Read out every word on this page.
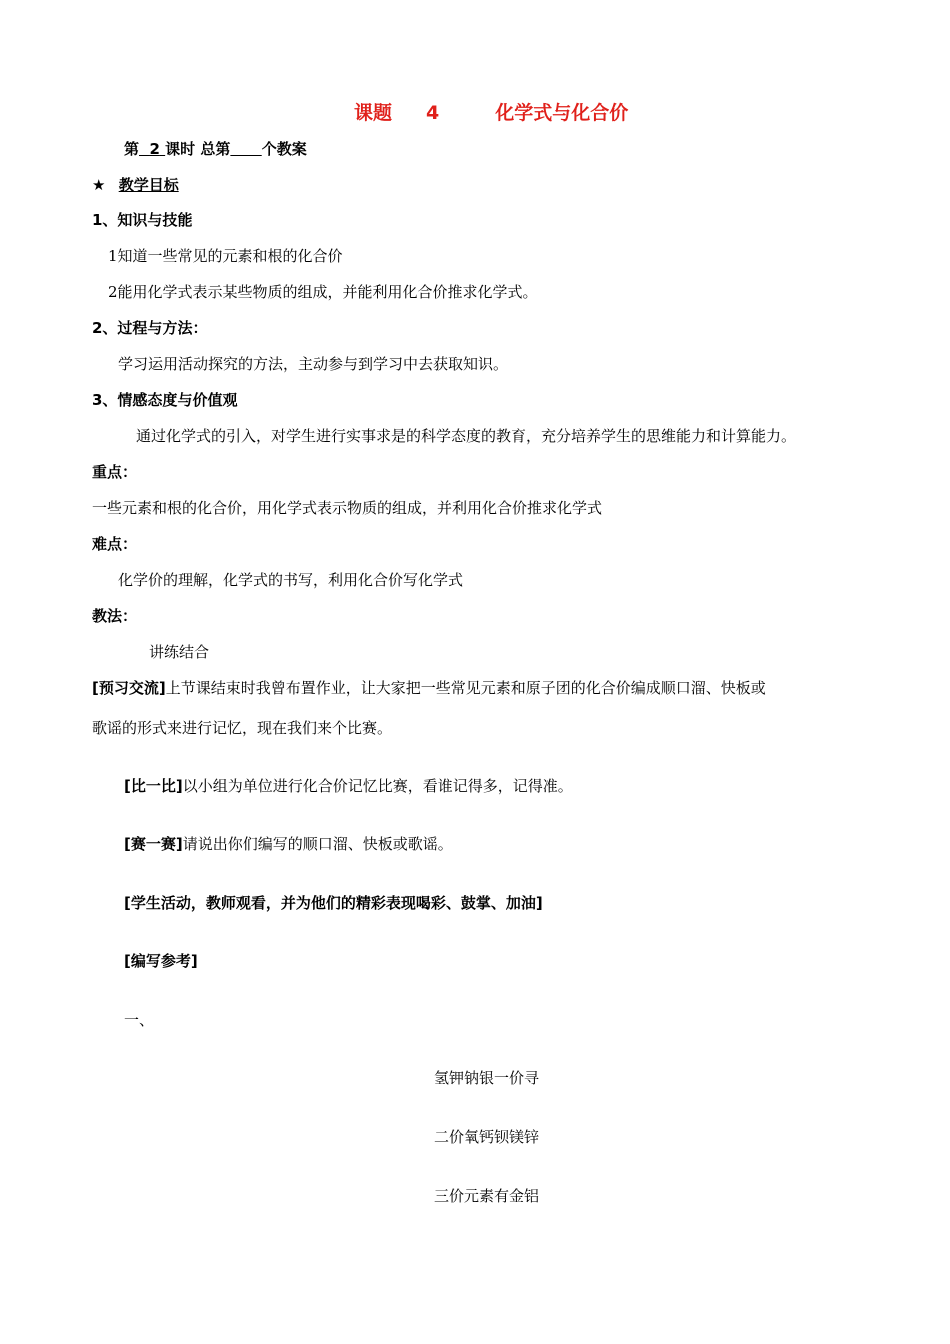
课题 4	化学式与化合价
第 2 课时 总第 个教案
★ 教学目标
1、知识与技能
1知道一些常见的元素和根的化合价
2能用化学式表示某些物质的组成，并能利用化合价推求化学式。
2、过程与方法：
学习运用活动探究的方法，主动参与到学习中去获取知识。
3、情感态度与价值观
通过化学式的引入，对学生进行实事求是的科学态度的教育，充分培养学生的思维能力和计算能力。
重点：
一些元素和根的化合价，用化学式表示物质的组成，并利用化合价推求化学式
难点：
化学价的理解，化学式的书写，利用化合价写化学式
教法：
讲练结合
[预习交流]上节课结束时我曾布置作业，让大家把一些常见元素和原子团的化合价编成顺口溜、快板或
歌谣的形式来进行记忆，现在我们来个比赛。
[比一比]以小组为单位进行化合价记忆比赛，看谁记得多，记得准。
[赛一赛]请说出你们编写的顺口溜、快板或歌谣。
[学生活动，教师观看，并为他们的精彩表现喝彩、鼓掌、加油]
[编写参考]
一、
氢钾钠银一价寻
二价氧钙钡镁锌
三价元素有金铝
